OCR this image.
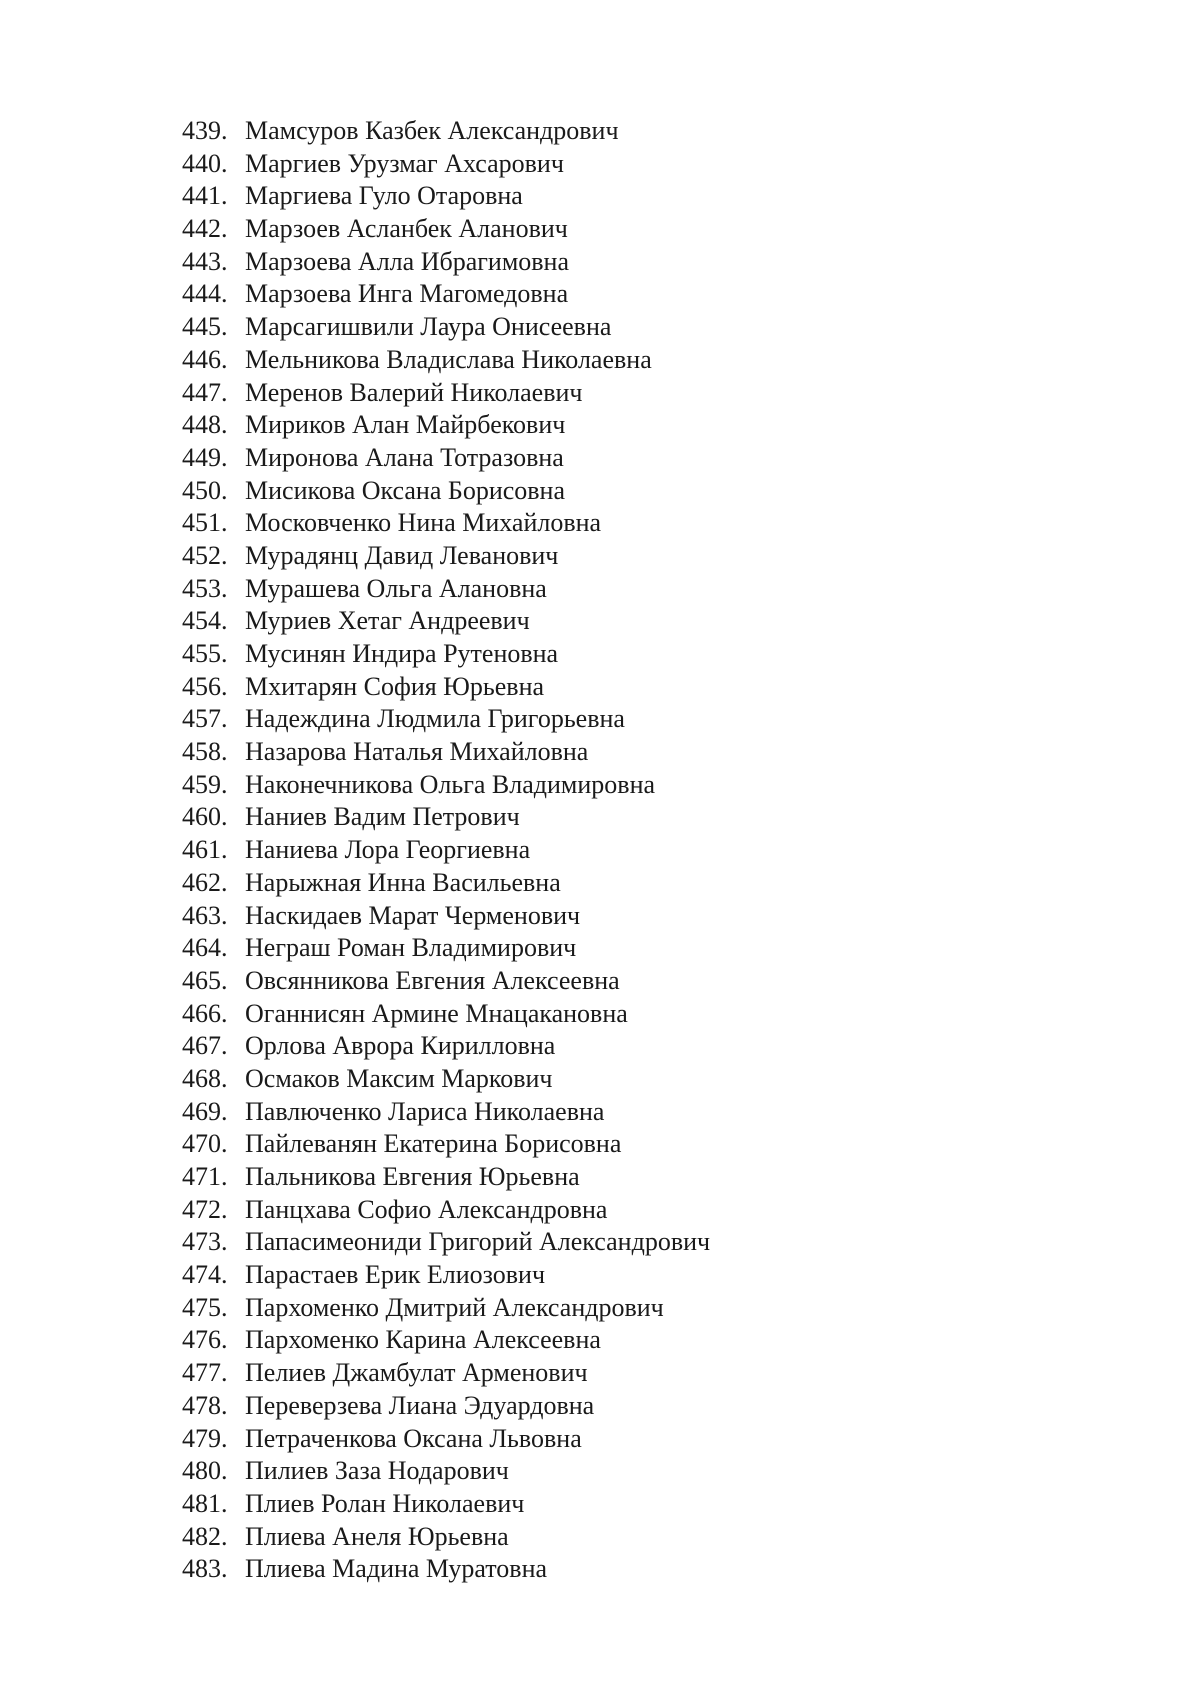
439. Мамсуров Казбек Александрович
440. Маргиев Урузмаг Ахсарович
441. Маргиева Гуло Отаровна
442. Марзоев Асланбек Аланович
443. Марзоева Алла Ибрагимовна
444. Марзоева Инга Магомедовна
445. Марсагишвили Лаура Онисеевна
446. Мельникова Владислава Николаевна
447. Меренов Валерий Николаевич
448. Мириков Алан Майрбекович
449. Миронова Алана Тотразовна
450. Мисикова Оксана Борисовна
451. Московченко Нина Михайловна
452. Мурадянц Давид Леванович
453. Мурашева Ольга Алановна
454. Муриев Хетаг Андреевич
455. Мусинян Индира Рутеновна
456. Мхитарян София Юрьевна
457. Надеждина Людмила Григорьевна
458. Назарова Наталья Михайловна
459. Наконечникова Ольга Владимировна
460. Наниев Вадим Петрович
461. Наниева Лора Георгиевна
462. Нарыжная Инна Васильевна
463. Наскидаев Марат Черменович
464. Неграш Роман Владимирович
465. Овсянникова Евгения Алексеевна
466. Оганнисян Армине Мнацакановна
467. Орлова Аврора Кирилловна
468. Осмаков Максим Маркович
469. Павлюченко Лариса Николаевна
470. Пайлеванян Екатерина Борисовна
471. Пальникова Евгения Юрьевна
472. Панцхава Софио Александровна
473. Папасимеониди Григорий Александрович
474. Парастаев Ерик Елиозович
475. Пархоменко Дмитрий Александрович
476. Пархоменко Карина Алексеевна
477. Пелиев Джамбулат Арменович
478. Переверзева Лиана Эдуардовна
479. Петраченкова Оксана Львовна
480. Пилиев Заза Нодарович
481. Плиев Ролан Николаевич
482. Плиева Анеля Юрьевна
483. Плиева Мадина Муратовна
